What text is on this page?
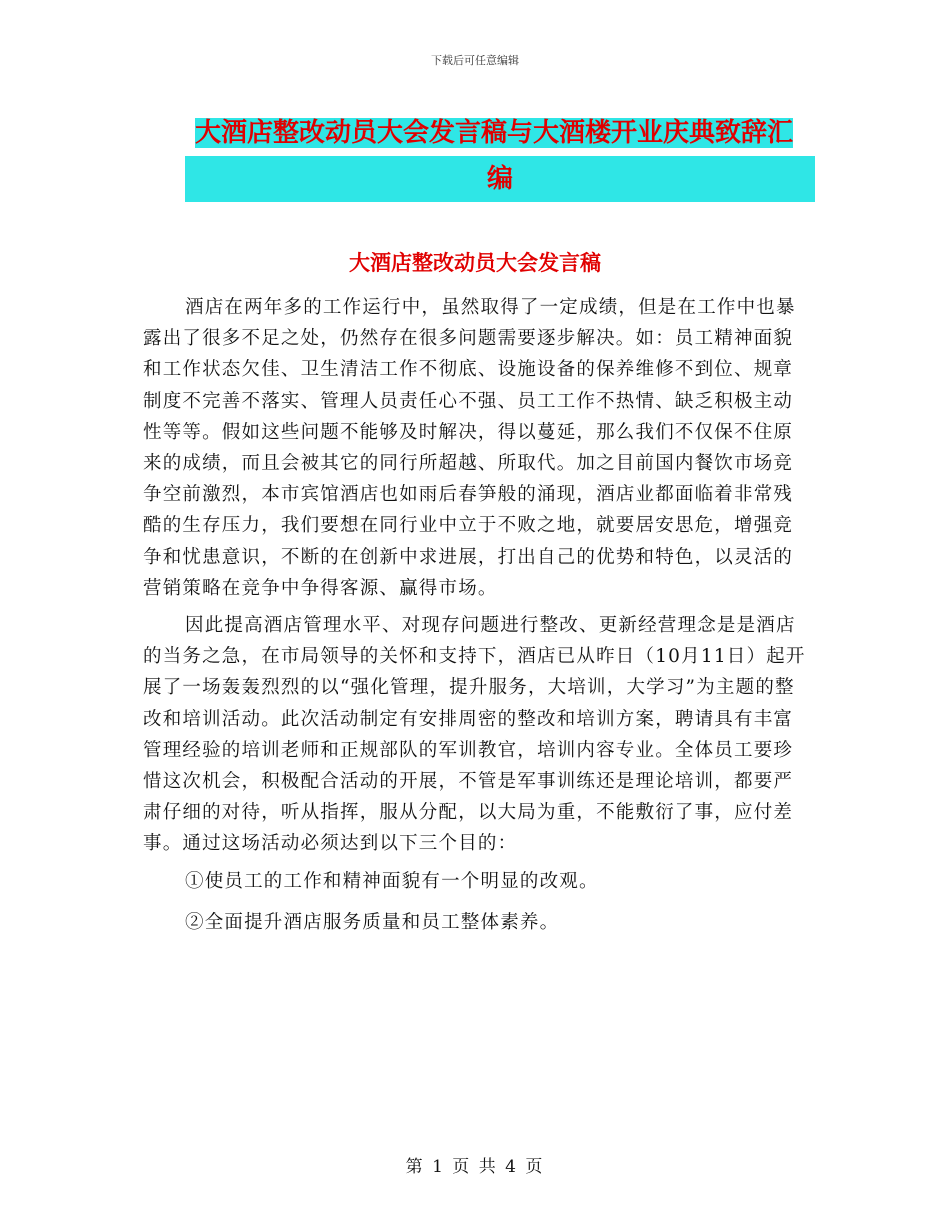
下载后可任意编辑
大酒店整改动员大会发言稿与大酒楼开业庆典致辞汇

编
大酒店整改动员大会发言稿

酒店在两年多的工作运行中，虽然取得了一定成绩，但是在工作中也暴露出了很多不足之处，仍然存在很多问题需要逐步解决。如：员工精神面貌和工作状态欠佳、卫生清洁工作不彻底、设施设备的保养维修不到位、规章制度不完善不落实、管理人员责任心不强、员工工作不热情、缺乏积极主动性等等。假如这些问题不能够及时解决，得以蔓延，那么我们不仅保不住原来的成绩，而且会被其它的同行所超越、所取代。加之目前国内餐饮市场竞争空前激烈，本市宾馆酒店也如雨后春笋般的涌现，酒店业都面临着非常残酷的生存压力，我们要想在同行业中立于不败之地，就要居安思危，增强竞争和忧患意识，不断的在创新中求进展，打出自己的优势和特色，以灵活的营销策略在竞争中争得客源、赢得市场。

因此提高酒店管理水平、对现存问题进行整改、更新经营理念是是酒店的当务之急，在市局领导的关怀和支持下，酒店已从昨日（10月11日）起开展了一场轰轰烈烈的以“强化管理，提升服务，大培训，大学习”为主题的整改和培训活动。此次活动制定有安排周密的整改和培训方案，聘请具有丰富管理经验的培训老师和正规部队的军训教官，培训内容专业。全体员工要珍惜这次机会，积极配合活动的开展，不管是军事训练还是理论培训，都要严肃仔细的对待，听从指挥，服从分配，以大局为重，不能敷衍了事，应付差事。通过这场活动必须达到以下三个目的：

①使员工的工作和精神面貌有一个明显的改观。

②全面提升酒店服务质量和员工整体素养。

第 1 页 共 4 页
